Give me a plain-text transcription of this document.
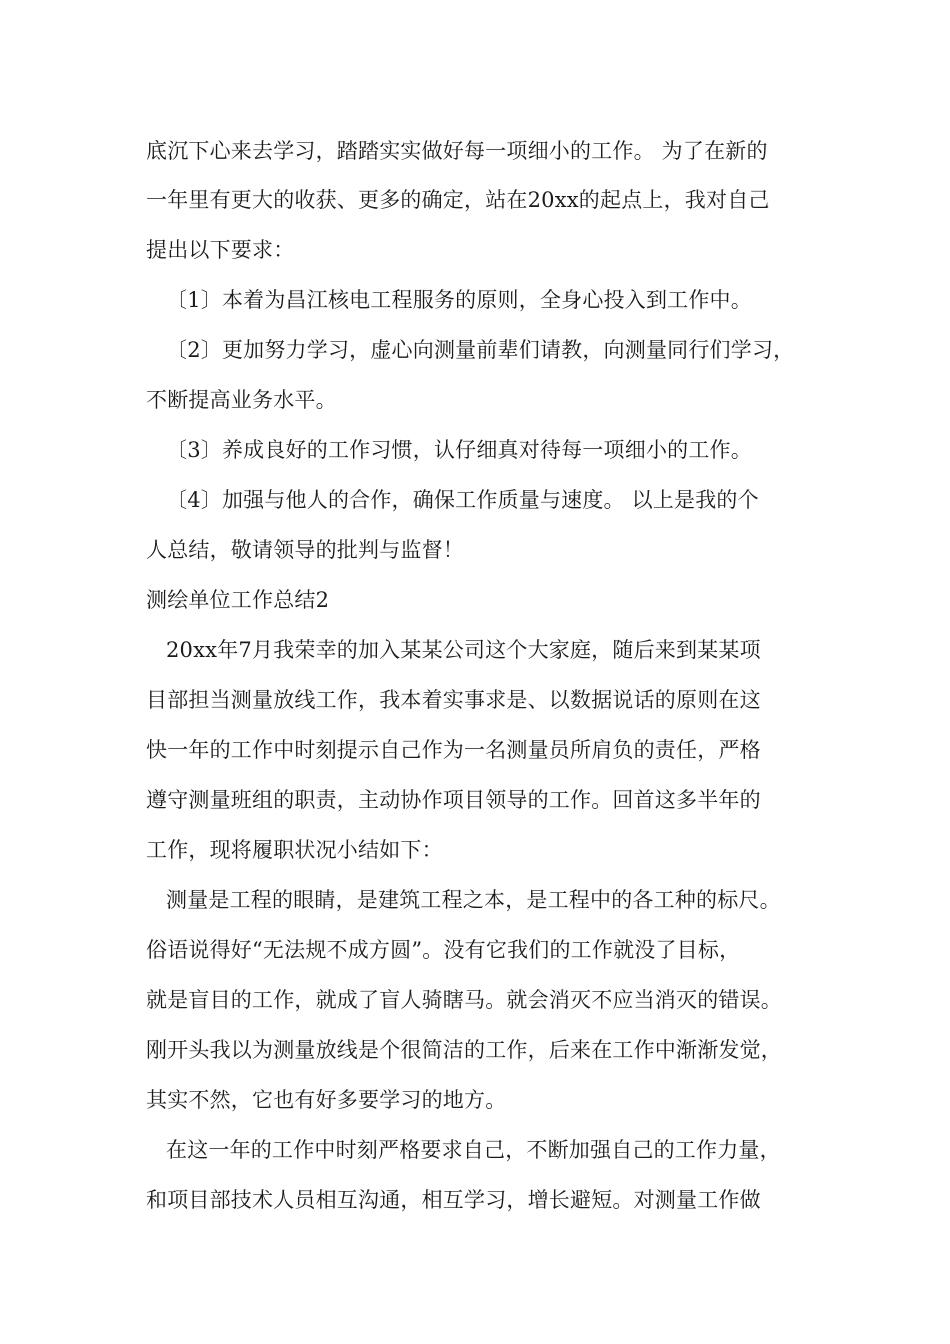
底沉下心来去学习，踏踏实实做好每一项细小的工作。 为了在新的
一年里有更大的收获、更多的确定，站在20xx的起点上，我对自己
提出以下要求：
〔1〕本着为昌江核电工程服务的原则，全身心投入到工作中。
〔2〕更加努力学习，虚心向测量前辈们请教，向测量同行们学习，
不断提高业务水平。
〔3〕养成良好的工作习惯，认仔细真对待每一项细小的工作。
〔4〕加强与他人的合作，确保工作质量与速度。 以上是我的个
人总结，敬请领导的批判与监督！
测绘单位工作总结2
20xx年7月我荣幸的加入某某公司这个大家庭，随后来到某某项
目部担当测量放线工作，我本着实事求是、以数据说话的原则在这
快一年的工作中时刻提示自己作为一名测量员所肩负的责任，严格
遵守测量班组的职责，主动协作项目领导的工作。回首这多半年的
工作，现将履职状况小结如下：
测量是工程的眼睛，是建筑工程之本，是工程中的各工种的标尺。
俗语说得好“无法规不成方圆”。没有它我们的工作就没了目标，
就是盲目的工作，就成了盲人骑瞎马。就会消灭不应当消灭的错误。
刚开头我以为测量放线是个很简洁的工作，后来在工作中渐渐发觉，
其实不然，它也有好多要学习的地方。
在这一年的工作中时刻严格要求自己，不断加强自己的工作力量，
和项目部技术人员相互沟通，相互学习，增长避短。对测量工作做
